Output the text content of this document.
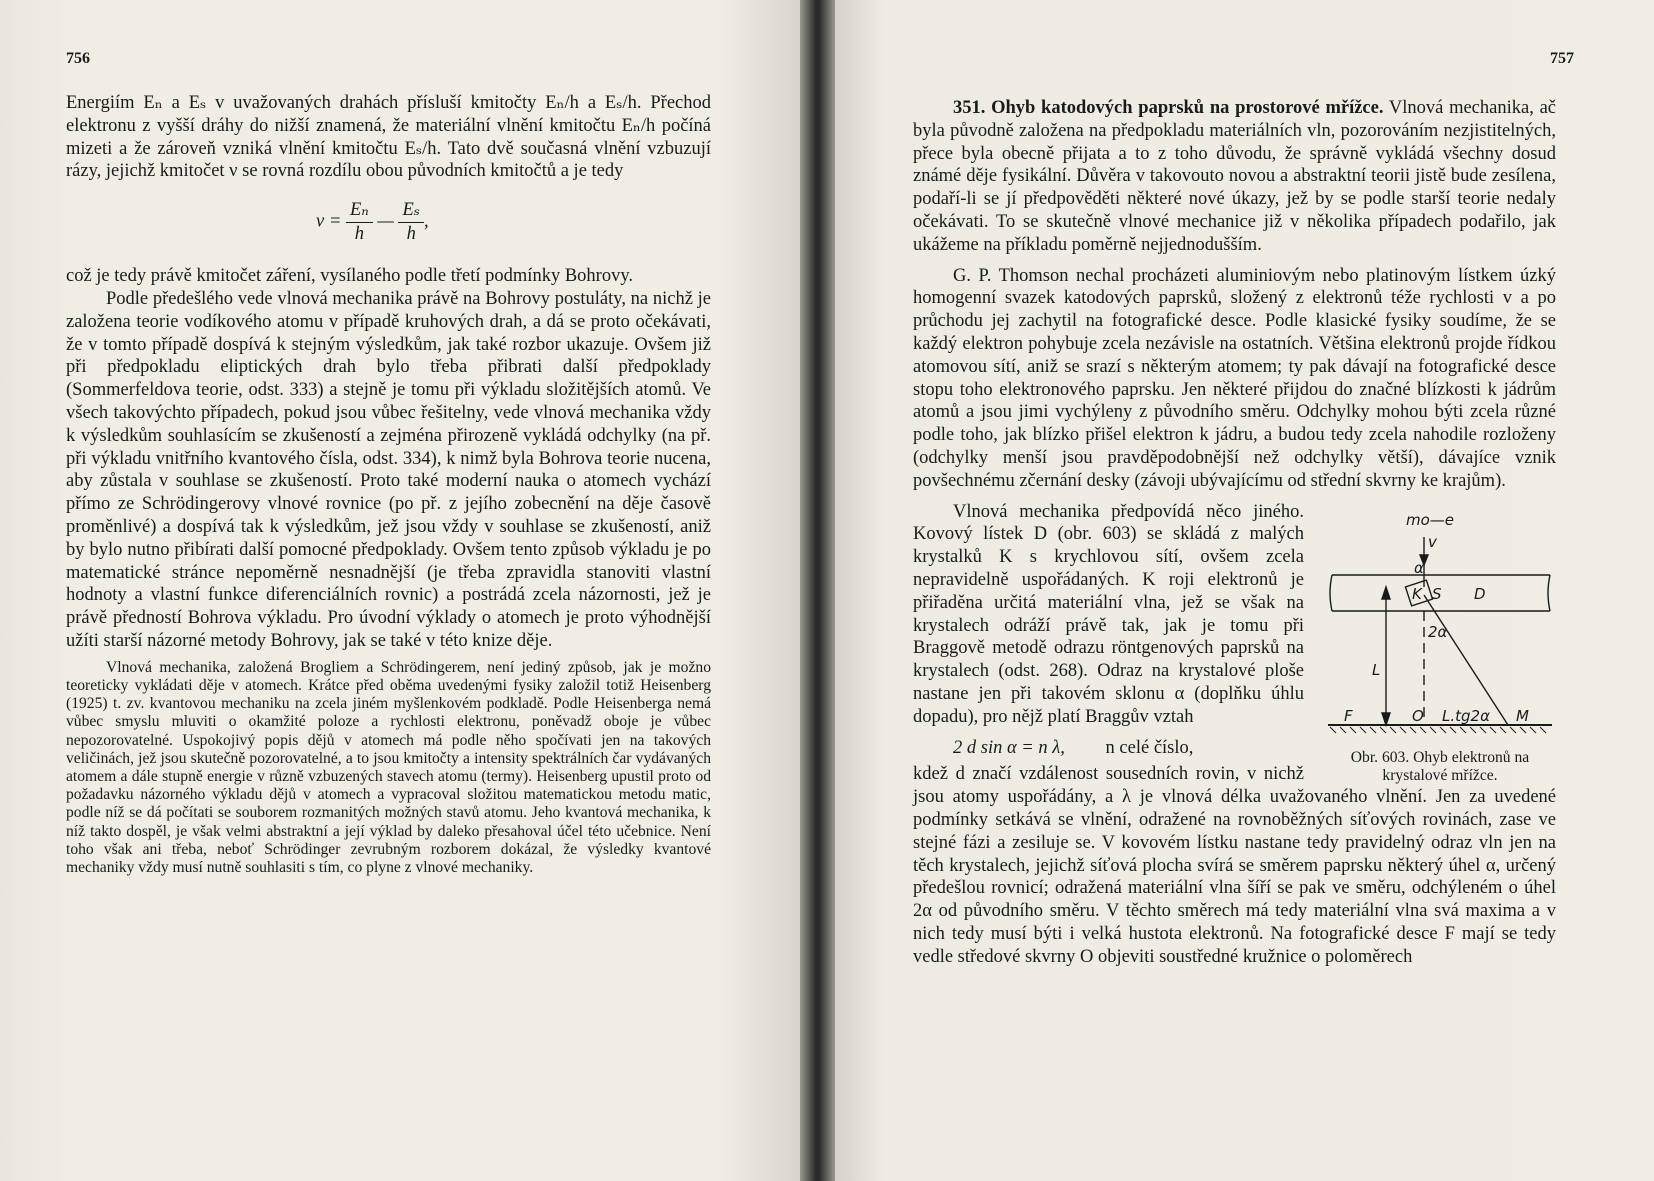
756

Energiím Eₙ a Eₛ v uvažovaných drahách přísluší kmitočty Eₙ/h a Eₛ/h. Přechod elektronu z vyšší dráhy do nižší znamená, že materiální vlnění kmitočtu Eₙ/h počíná mizeti a že zároveň vzniká vlnění kmitočtu Eₛ/h. Tato dvě současná vlnění vzbuzují rázy, jejichž kmitočet ν se rovná rozdílu obou původních kmitočtů a je tedy

$\nu = \frac{\text{Eₙ}}{h}$ — $\frac{\text{Eₛ}}{h}$ ,

což je tedy právě kmitočet záření, vysílaného podle třetí podmínky Bohrovy.

Podle předešlého vede vlnová mechanika právě na Bohrovy postuláty, na nichž je založena teorie vodíkového atomu v případě kruhových drah, a dá se proto očekávati, že v tomto případě dospívá k stejným výsledkům, jak také rozbor ukazuje. Ovšem již při předpokladu eliptických drah bylo třeba přibrati další předpoklady (Sommerfeldova teorie, odst. 333) a stejně je tomu při výkladu složitějších atomů. Ve všech takovýchto případech, pokud jsou vůbec řešitelny, vede vlnová mechanika vždy k výsledkům souhlasícím se zkušeností a zejména přirozeně vykládá odchylky (na př. při výkladu vnitřního kvantového čísla, odst. 334), k nimž byla Bohrova teorie nucena, aby zůstala v souhlase se zkušeností. Proto také moderní nauka o atomech vychází přímo ze Schrödingerovy vlnové rovnice (po př. z jejího zobecnění na děje časově proměnlivé) a dospívá tak k výsledkům, jež jsou vždy v souhlase se zkušeností, aniž by bylo nutno přibírati další pomocné předpoklady. Ovšem tento způsob výkladu je po matematické stránce nepoměrně nesnadnější (je třeba zpravidla stanoviti vlastní hodnoty a vlastní funkce diferenciálních rovnic) a postrádá zcela názornosti, jež je právě předností Bohrova výkladu. Pro úvodní výklady o atomech je proto výhodnější užíti starší názorné metody Bohrovy, jak se také v této knize děje.

Vlnová mechanika, založená Brogliem a Schrödingerem, není jediný způsob, jak je možno teoreticky vykládati děje v atomech. Krátce před oběma uvedenými fysiky založil totiž Heisenberg (1925) t. zv. kvantovou mechaniku na zcela jiném myšlenkovém podkladě. Podle Heisenberga nemá vůbec smyslu mluviti o okamžité poloze a rychlosti elektronu, poněvadž oboje je vůbec nepozorovatelné. Uspokojivý popis dějů v atomech má podle něho spočívati jen na takových veličinách, jež jsou skutečně pozorovatelné, a to jsou kmitočty a intensity spektrálních čar vydávaných atomem a dále stupně energie v různě vzbuzených stavech atomu (termy). Heisenberg upustil proto od požadavku názorného výkladu dějů v atomech a vypracoval složitou matematickou metodu matic, podle níž se dá počítati se souborem rozmanitých možných stavů atomu. Jeho kvantová mechanika, k níž takto dospěl, je však velmi abstraktní a její výklad by daleko přesahoval účel této učebnice. Není toho však ani třeba, neboť Schrödinger zevrubným rozborem dokázal, že výsledky kvantové mechaniky vždy musí nutně souhlasiti s tím, co plyne z vlnové mechaniky.

757

351. Ohyb katodových paprsků na prostorové mřížce. Vlnová mechanika, ač byla původně založena na předpokladu materiálních vln, pozorováním nezjistitelných, přece byla obecně přijata a to z toho důvodu, že správně vykládá všechny dosud známé děje fysikální. Důvěra v takovouto novou a abstraktní teorii jistě bude zesílena, podaří-li se jí předpověděti některé nové úkazy, jež by se podle starší teorie nedaly očekávati. To se skutečně vlnové mechanice již v několika případech podařilo, jak ukážeme na příkladu poměrně nejjednodušším.

G. P. Thomson nechal procházeti aluminiovým nebo platinovým lístkem úzký homogenní svazek katodových paprsků, složený z elektronů téže rychlosti v a po průchodu jej zachytil na fotografické desce. Podle klasické fysiky soudíme, že se každý elektron pohybuje zcela nezávisle na ostatních. Většina elektronů projde řídkou atomovou sítí, aniž se srazí s některým atomem; ty pak dávají na fotografické desce stopu toho elektronového paprsku. Jen některé přijdou do značné blízkosti k jádrům atomů a jsou jimi vychýleny z původního směru. Odchylky mohou býti zcela různé podle toho, jak blízko přišel elektron k jádru, a budou tedy zcela nahodile rozloženy (odchylky menší jsou pravděpodobnější než odchylky větší), dávajíce vznik povšechnému zčernání desky (závoji ubývajícímu od střední skvrny ke krajům).

mo—e
v
α
K S D
2α
L
F	O L.tg2α M
Obr. 603. Ohyb elektronů na krystalové mřížce.

Vlnová mechanika předpovídá něco jiného. Kovový lístek D (obr. 603) se skládá z malých krystalků K s krychlovou sítí, ovšem zcela nepravidelně uspořádaných. K roji elektronů je přiřaděna určitá materiální vlna, jež se však na krystalech odráží právě tak, jak je tomu při Braggově metodě odrazu röntgenových paprsků na krystalech (odst. 268). Odraz na krystalové ploše nastane jen při takovém sklonu α (doplňku úhlu dopadu), pro nějž platí Braggův vztah

2 d sin α = n λ, n celé číslo,

kdež d značí vzdálenost sousedních rovin, v nichž jsou atomy uspořádány, a λ je vlnová délka uvažovaného vlnění. Jen za uvedené podmínky setkává se vlnění, odražené na rovnoběžných síťových rovinách, zase ve stejné fázi a zesiluje se. V kovovém lístku nastane tedy pravidelný odraz vln jen na těch krystalech, jejichž síťová plocha svírá se směrem paprsku některý úhel α, určený předešlou rovnicí; odražená materiální vlna šíří se pak ve směru, odchýleném o úhel 2α od původního směru. V těchto směrech má tedy materiální vlna svá maxima a v nich tedy musí býti i velká hustota elektronů. Na fotografické desce F mají se tedy vedle středové skvrny O objeviti soustředné kružnice o poloměrech
